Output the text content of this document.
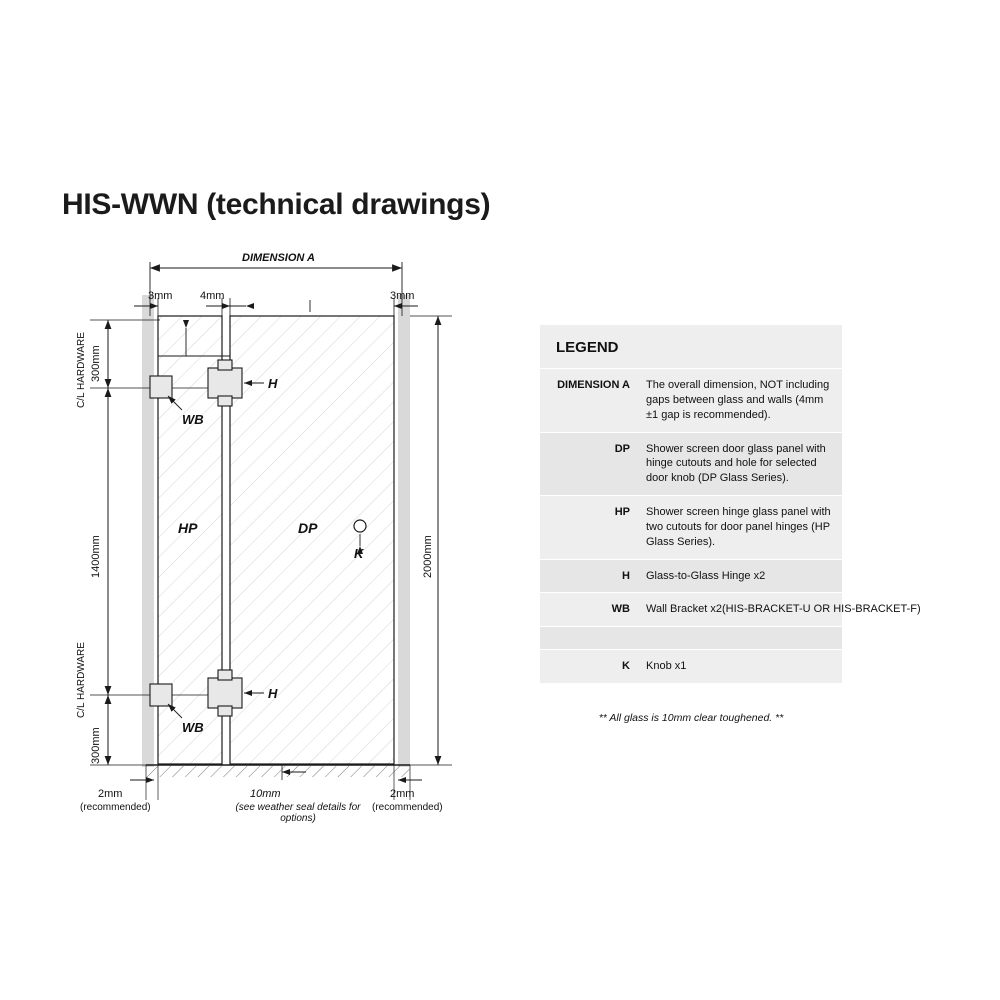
HIS-WWN (technical drawings)
DIMENSION A
3mm	4mm	3mm
300mm
C/L HARDWARE
1400mm
300mm
C/L HARDWARE
2000mm
HP	DP
H
WB
H
WB
K
2mm
(recommended)
2mm
(recommended)
10mm
(see weather seal details for options)
LEGEND
DIMENSION A	The overall dimension, NOT including gaps between glass and walls (4mm ±1 gap is recommended).
DP	Shower screen door glass panel with hinge cutouts and hole for selected door knob (DP Glass Series).
HP	Shower screen hinge glass panel with two cutouts for door panel hinges (HP Glass Series).
H	Glass-to-Glass Hinge x2
WB	Wall Bracket x2(HIS-BRACKET-U OR HIS-BRACKET-F)
K	Knob x1
** All glass is 10mm clear toughened. **
